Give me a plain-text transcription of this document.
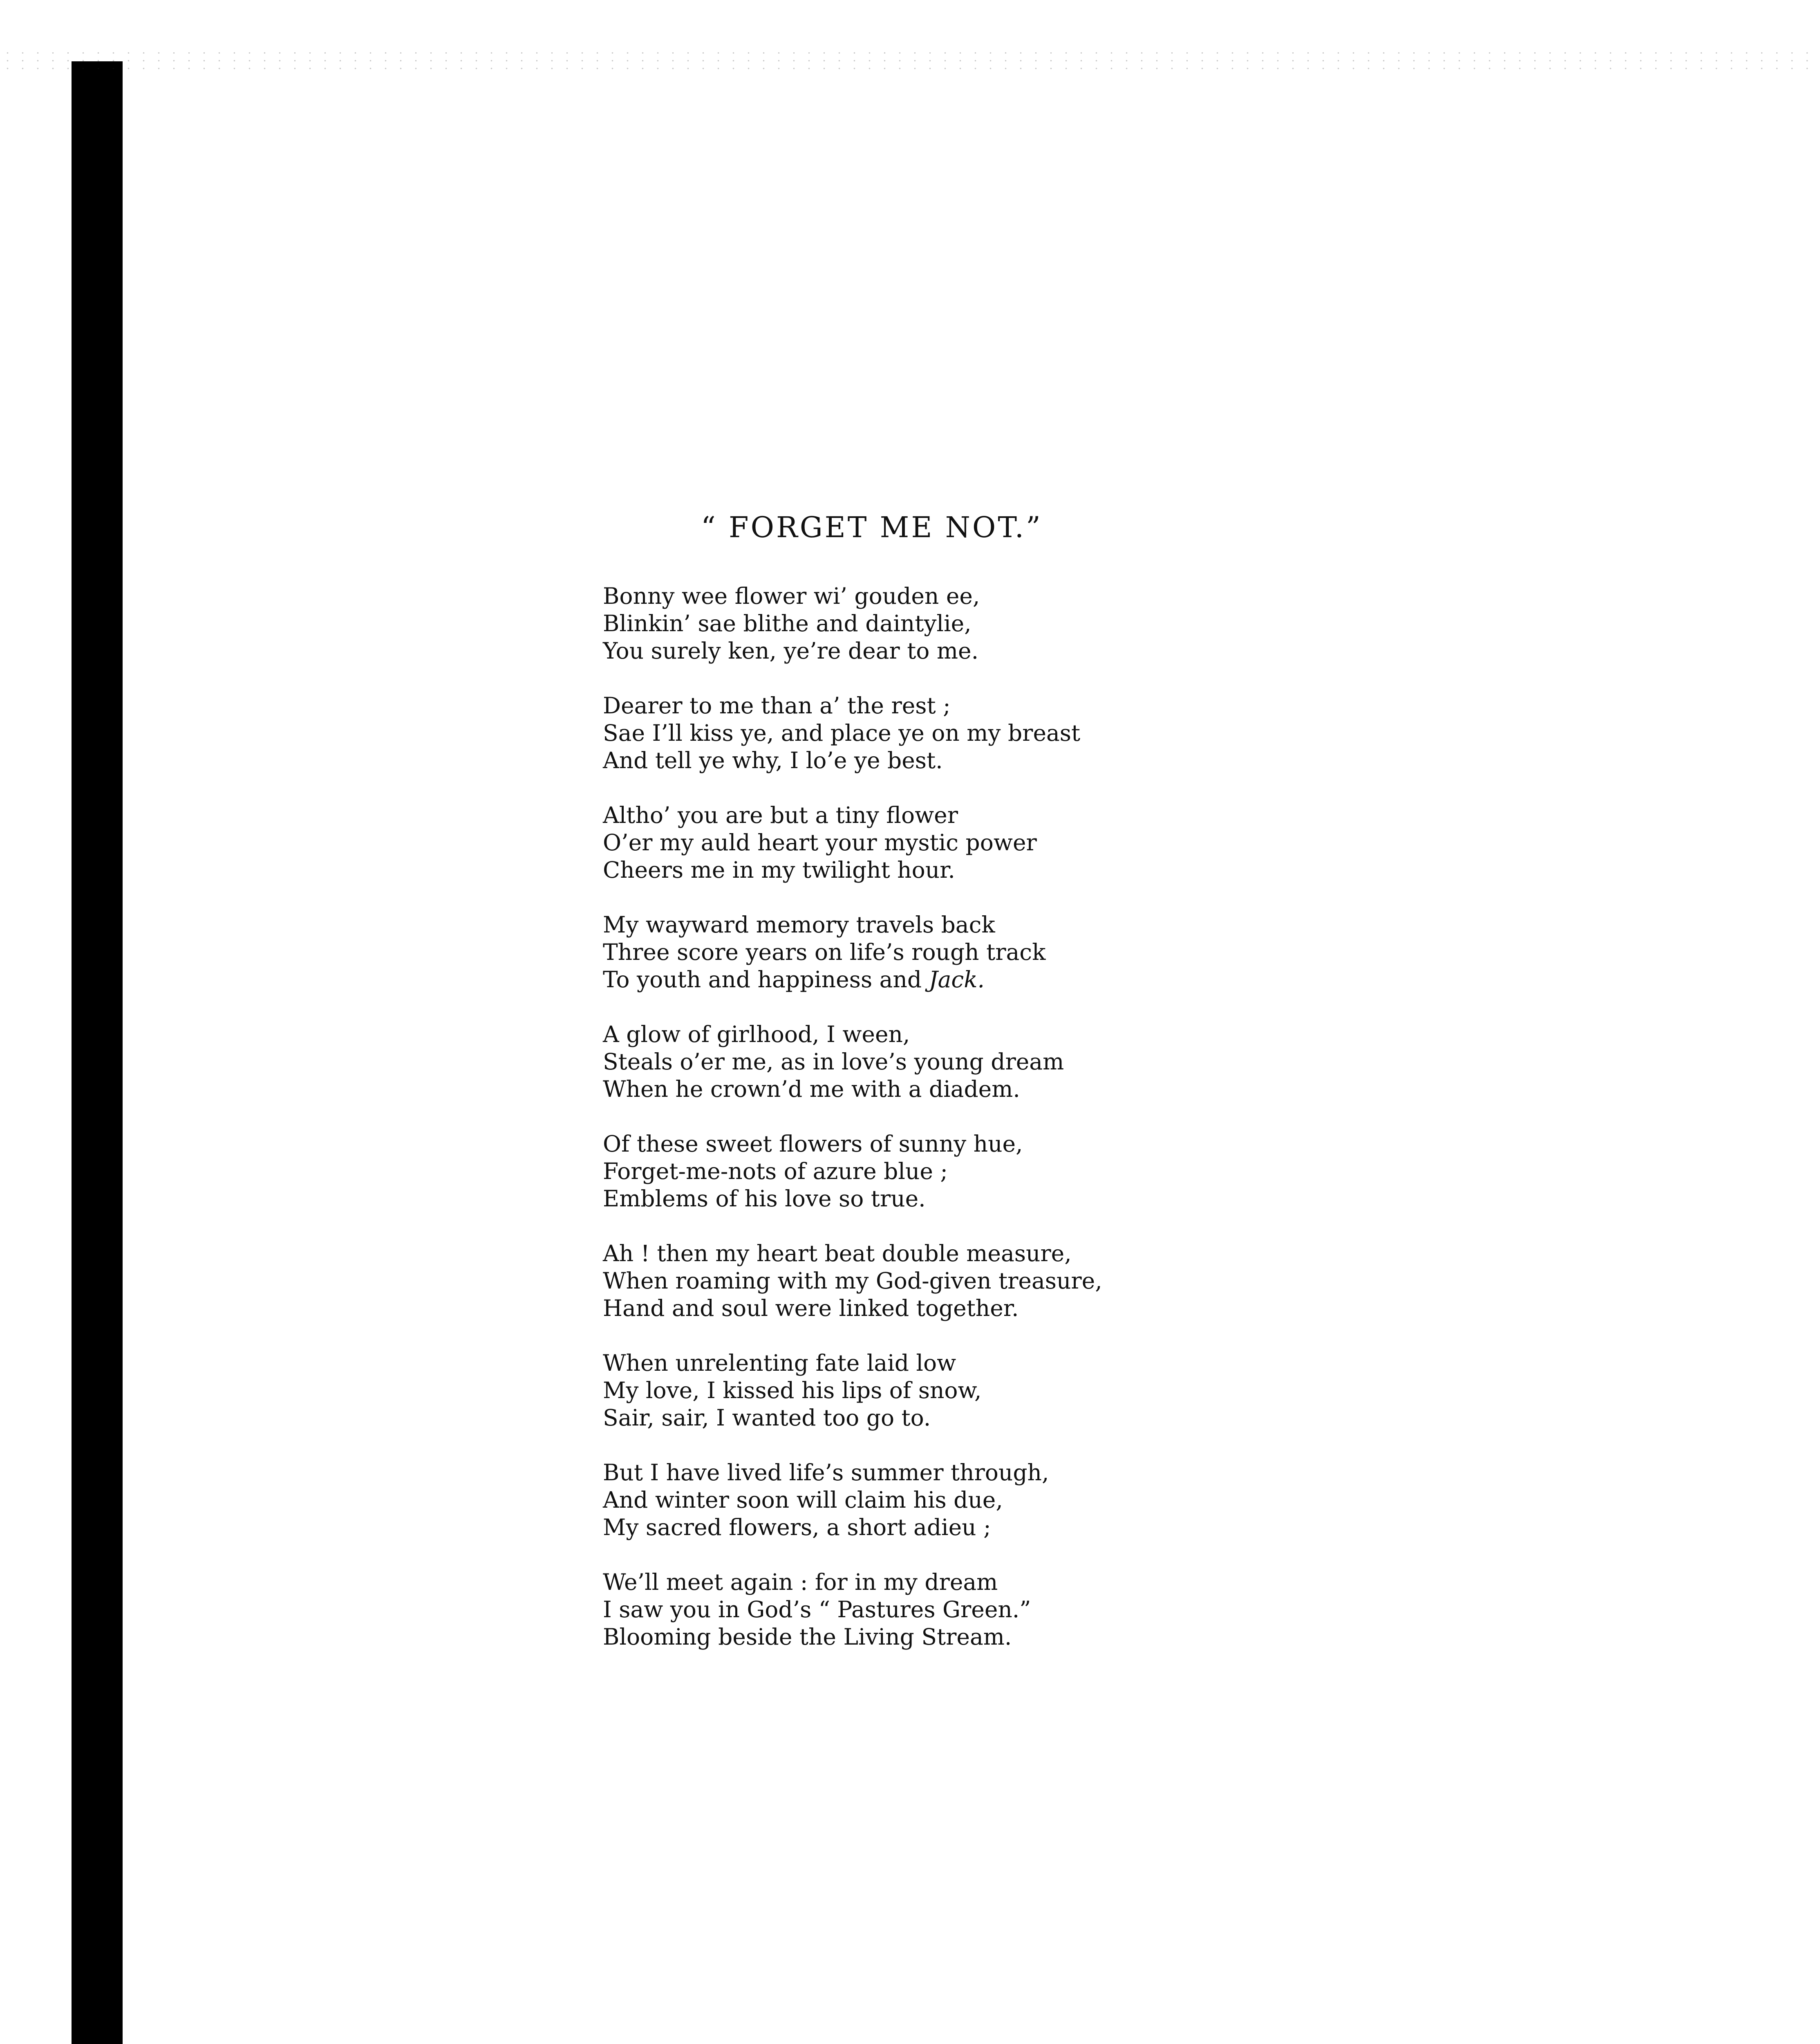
“ FORGET ME NOT.”
Bonny wee flower wi’ gouden ee,
Blinkin’ sae blithe and daintylie,
You surely ken, ye’re dear to me.
Dearer to me than a’ the rest ;
Sae I’ll kiss ye, and place ye on my breast
And tell ye why, I lo’e ye best.
Altho’ you are but a tiny flower
O’er my auld heart your mystic power
Cheers me in my twilight hour.
My wayward memory travels back
Three score years on life’s rough track
To youth and happiness and Jack.
A glow of girlhood, I ween,
Steals o’er me, as in love’s young dream
When he crown’d me with a diadem.
Of these sweet flowers of sunny hue,
Forget-me-nots of azure blue ;
Emblems of his love so true.
Ah ! then my heart beat double measure,
When roaming with my God-given treasure,
Hand and soul were linked together.
When unrelenting fate laid low
My love, I kissed his lips of snow,
Sair, sair, I wanted too go to.
But I have lived life’s summer through,
And winter soon will claim his due,
My sacred flowers, a short adieu ;
We’ll meet again : for in my dream
I saw you in God’s “ Pastures Green.”
Blooming beside the Living Stream.
